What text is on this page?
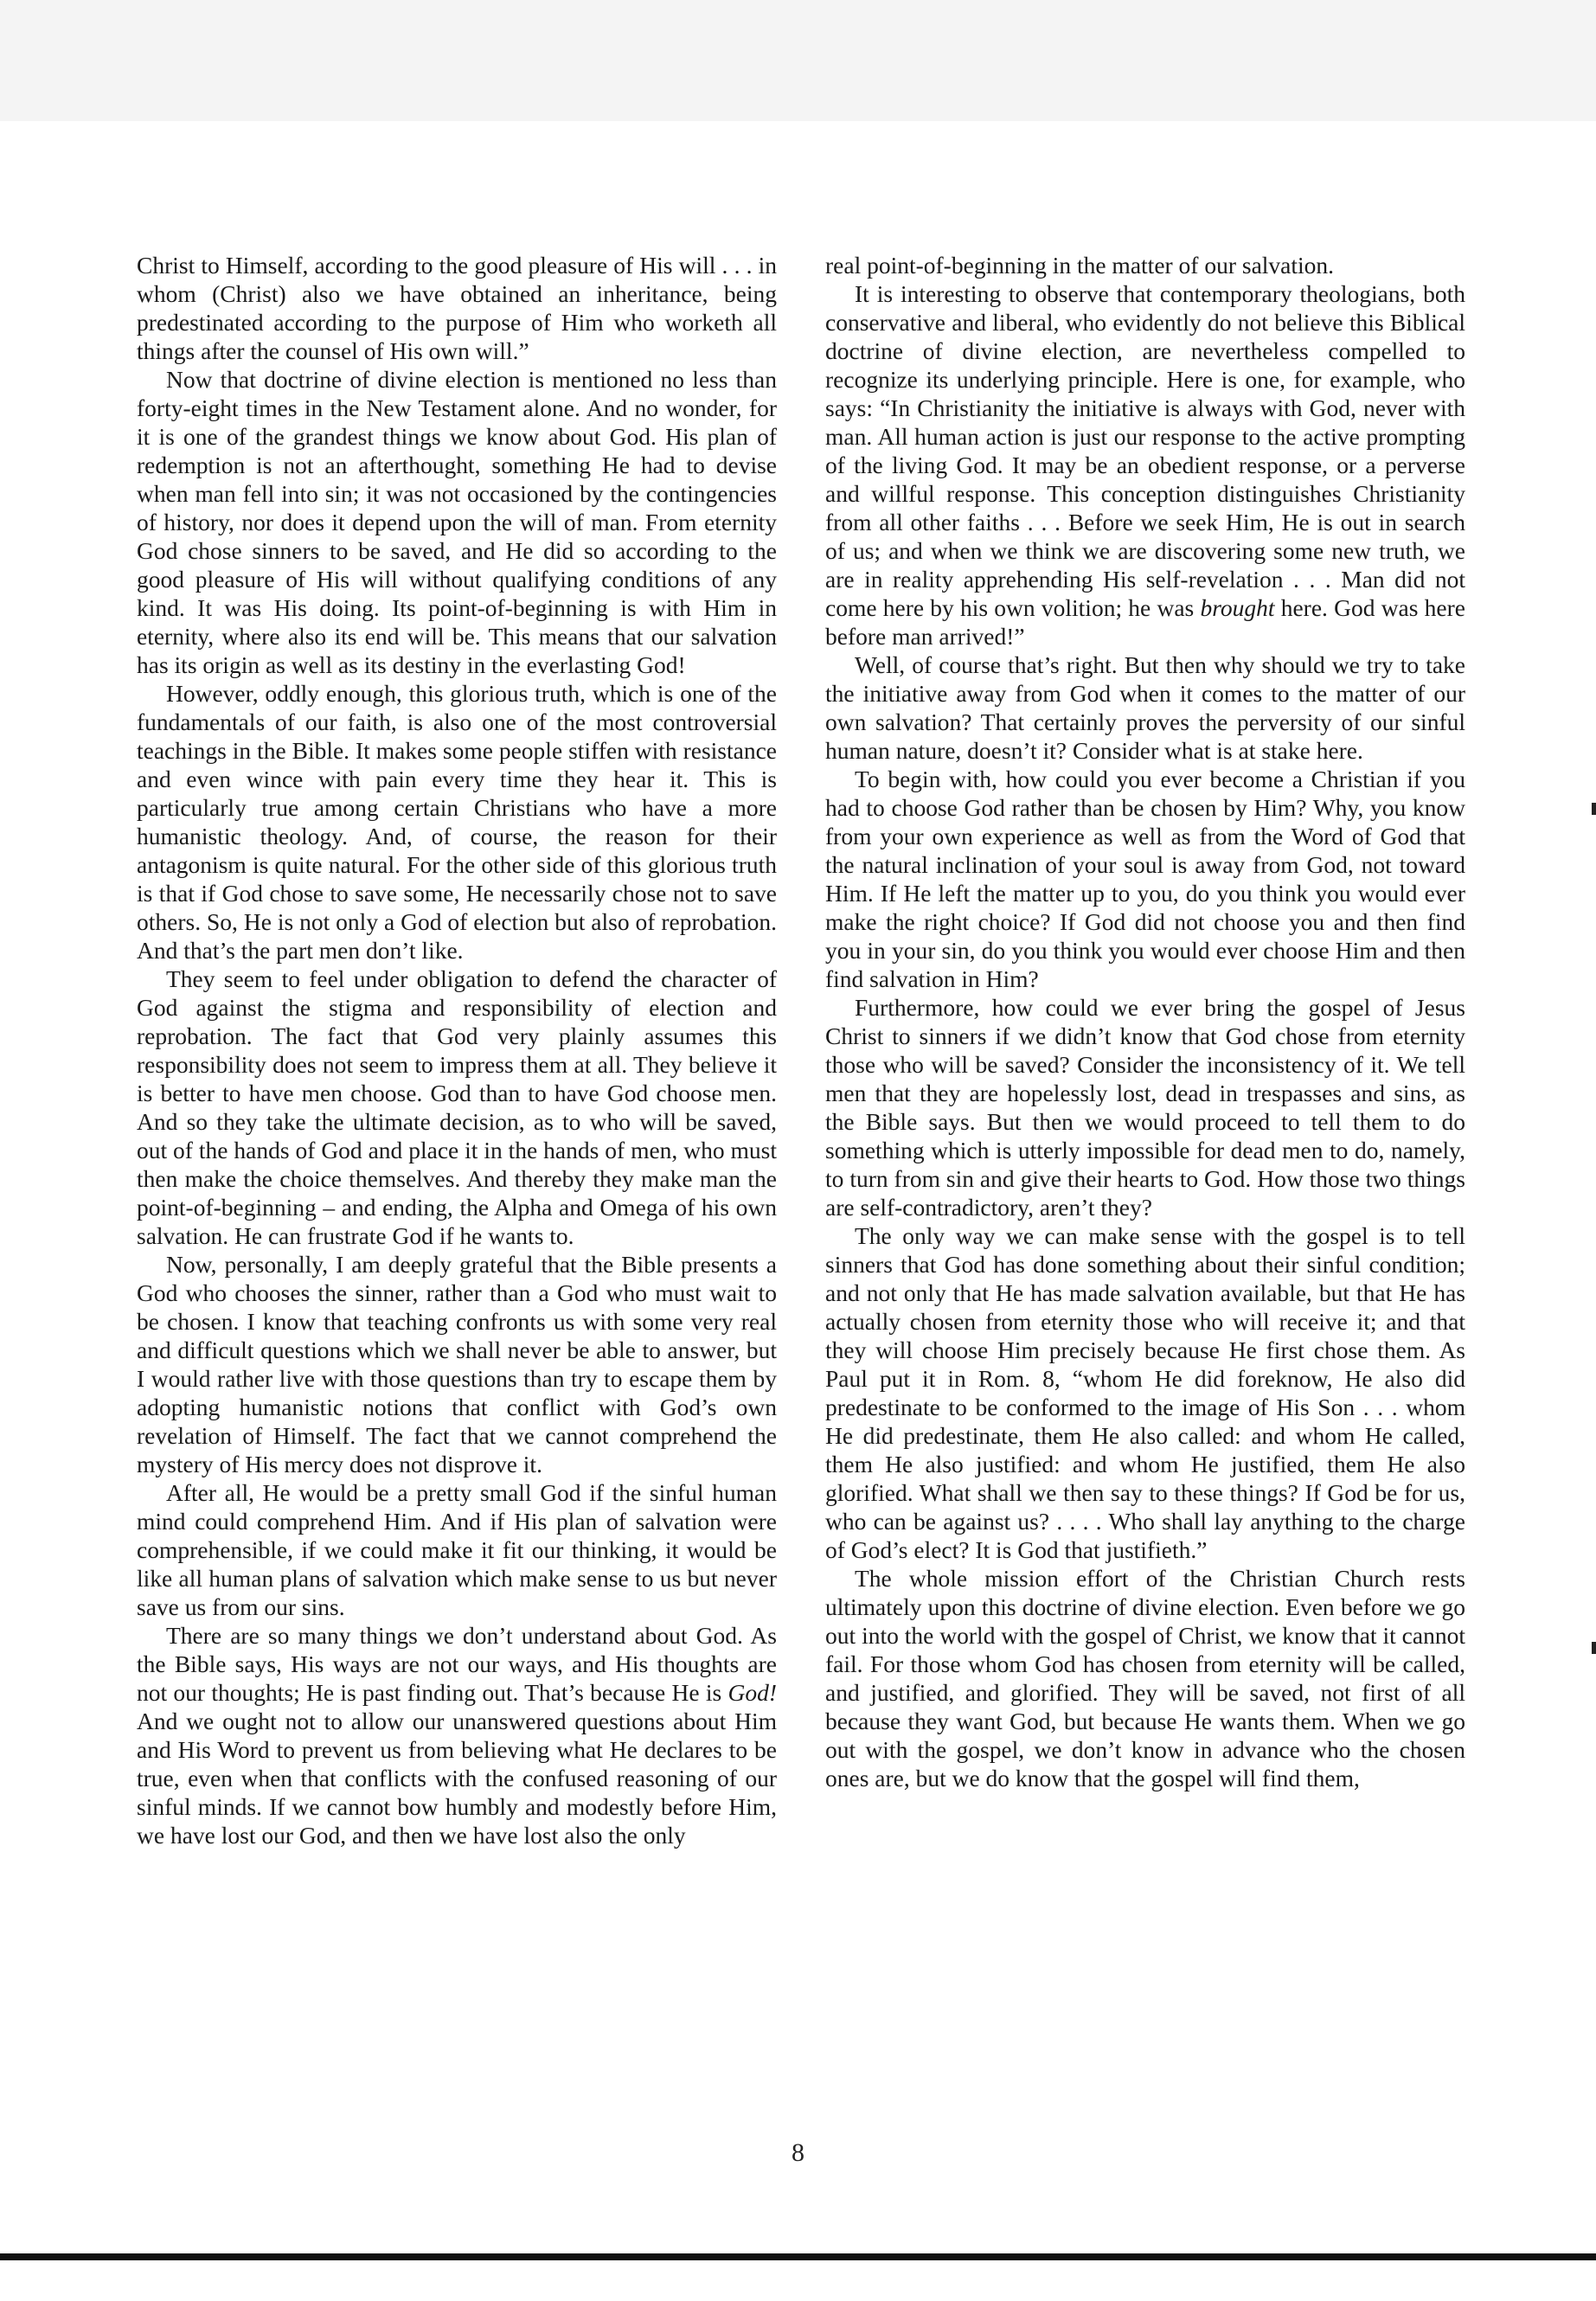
Christ to Himself, according to the good pleasure of His will . . . in whom (Christ) also we have obtained an inheritance, being predestinated according to the purpose of Him who worketh all things after the counsel of His own will.”

Now that doctrine of divine election is mentioned no less than forty-eight times in the New Testament alone. And no wonder, for it is one of the grandest things we know about God. His plan of redemption is not an afterthought, something He had to devise when man fell into sin; it was not occasioned by the contingencies of history, nor does it depend upon the will of man. From eternity God chose sinners to be saved, and He did so according to the good pleasure of His will without qualifying conditions of any kind. It was His doing. Its point-of-beginning is with Him in eternity, where also its end will be. This means that our salvation has its origin as well as its destiny in the everlasting God!

However, oddly enough, this glorious truth, which is one of the fundamentals of our faith, is also one of the most controversial teachings in the Bible. It makes some people stiffen with resistance and even wince with pain every time they hear it. This is particularly true among certain Christians who have a more humanistic theology. And, of course, the reason for their antagonism is quite natural. For the other side of this glorious truth is that if God chose to save some, He necessarily chose not to save others. So, He is not only a God of election but also of reprobation. And that’s the part men don’t like.

They seem to feel under obligation to defend the character of God against the stigma and responsibility of election and reprobation. The fact that God very plainly assumes this responsibility does not seem to impress them at all. They believe it is better to have men choose. God than to have God choose men. And so they take the ultimate decision, as to who will be saved, out of the hands of God and place it in the hands of men, who must then make the choice themselves. And thereby they make man the point-of-beginning – and ending, the Alpha and Omega of his own salvation. He can frustrate God if he wants to.

Now, personally, I am deeply grateful that the Bible presents a God who chooses the sinner, rather than a God who must wait to be chosen. I know that teaching confronts us with some very real and difficult questions which we shall never be able to answer, but I would rather live with those questions than try to escape them by adopting humanistic notions that conflict with God’s own revelation of Himself. The fact that we cannot comprehend the mystery of His mercy does not disprove it.

After all, He would be a pretty small God if the sinful human mind could comprehend Him. And if His plan of salvation were comprehensible, if we could make it fit our thinking, it would be like all human plans of salvation which make sense to us but never save us from our sins.

There are so many things we don’t understand about God. As the Bible says, His ways are not our ways, and His thoughts are not our thoughts; He is past finding out. That’s because He is God! And we ought not to allow our unanswered questions about Him and His Word to prevent us from believing what He declares to be true, even when that conflicts with the confused reasoning of our sinful minds. If we cannot bow humbly and modestly before Him, we have lost our God, and then we have lost also the only

real point-of-beginning in the matter of our salvation.

It is interesting to observe that contemporary theologians, both conservative and liberal, who evidently do not believe this Biblical doctrine of divine election, are nevertheless compelled to recognize its underlying principle. Here is one, for example, who says: “In Christianity the initiative is always with God, never with man. All human action is just our response to the active prompting of the living God. It may be an obedient response, or a perverse and willful response. This conception distinguishes Christianity from all other faiths . . . Before we seek Him, He is out in search of us; and when we think we are discovering some new truth, we are in reality apprehending His self-revelation . . . Man did not come here by his own volition; he was brought here. God was here before man arrived!”

Well, of course that’s right. But then why should we try to take the initiative away from God when it comes to the matter of our own salvation? That certainly proves the perversity of our sinful human nature, doesn’t it? Consider what is at stake here.

To begin with, how could you ever become a Christian if you had to choose God rather than be chosen by Him? Why, you know from your own experience as well as from the Word of God that the natural inclination of your soul is away from God, not toward Him. If He left the matter up to you, do you think you would ever make the right choice? If God did not choose you and then find you in your sin, do you think you would ever choose Him and then find salvation in Him?

Furthermore, how could we ever bring the gospel of Jesus Christ to sinners if we didn’t know that God chose from eternity those who will be saved? Consider the inconsistency of it. We tell men that they are hopelessly lost, dead in trespasses and sins, as the Bible says. But then we would proceed to tell them to do something which is utterly impossible for dead men to do, namely, to turn from sin and give their hearts to God. How those two things are self-contradictory, aren’t they?

The only way we can make sense with the gospel is to tell sinners that God has done something about their sinful condition; and not only that He has made salvation available, but that He has actually chosen from eternity those who will receive it; and that they will choose Him precisely because He first chose them. As Paul put it in Rom. 8, “whom He did foreknow, He also did predestinate to be conformed to the image of His Son . . . whom He did predestinate, them He also called: and whom He called, them He also justified: and whom He justified, them He also glorified. What shall we then say to these things? If God be for us, who can be against us? . . . . Who shall lay anything to the charge of God’s elect? It is God that justifieth.”

The whole mission effort of the Christian Church rests ultimately upon this doctrine of divine election. Even before we go out into the world with the gospel of Christ, we know that it cannot fail. For those whom God has chosen from eternity will be called, and justified, and glorified. They will be saved, not first of all because they want God, but because He wants them. When we go out with the gospel, we don’t know in advance who the chosen ones are, but we do know that the gospel will find them,

8
